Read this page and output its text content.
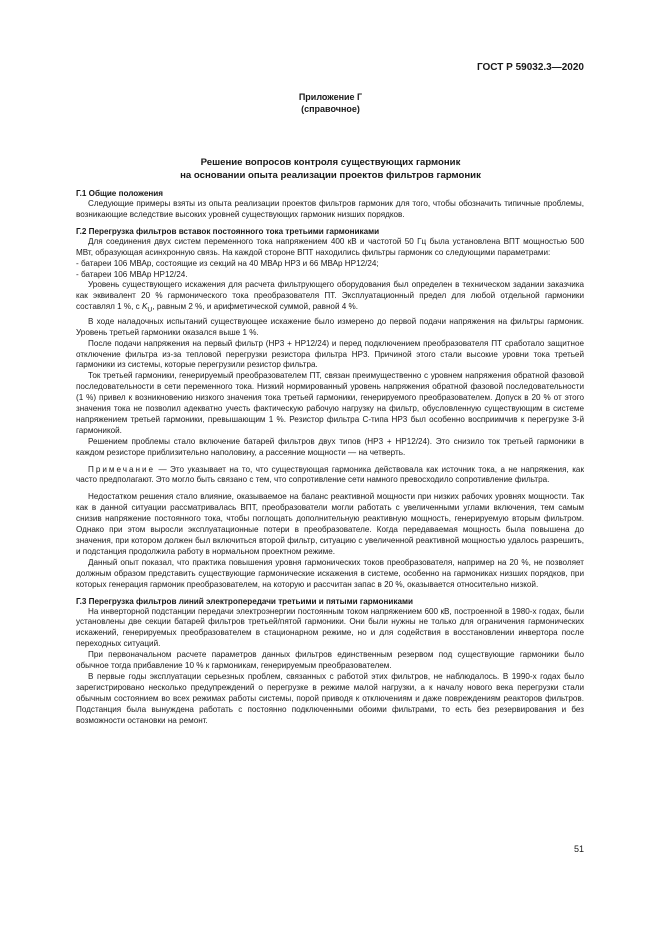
ГОСТ Р 59032.3—2020
Приложение Г
(справочное)
Решение вопросов контроля существующих гармоник
на основании опыта реализации проектов фильтров гармоник
Г.1 Общие положения

Следующие примеры взяты из опыта реализации проектов фильтров гармоник для того, чтобы обозначить типичные проблемы, возникающие вследствие высоких уровней существующих гармоник низших порядков.

Г.2 Перегрузка фильтров вставок постоянного тока третьими гармониками

Для соединения двух систем переменного тока напряжением 400 кВ и частотой 50 Гц была установлена ВПТ мощностью 500 МВт, образующая асинхронную связь. На каждой стороне ВПТ находились фильтры гармоник со следующими параметрами:

- батареи 106 МВАр, состоящие из секций на 40 МВАр НР3 и 66 МВАр НР12/24;

- батареи 106 МВАр НР12/24.

Уровень существующего искажения для расчета фильтрующего оборудования был определен в техническом задании заказчика как эквивалент 20 % гармонического тока преобразователя ПТ. Эксплуатационный предел для любой отдельной гармоники составлял 1 %, с $K_U$, равным 2 %, и арифметической суммой, равной 4 %.

В ходе наладочных испытаний существующее искажение было измерено до первой подачи напряжения на фильтры гармоник. Уровень третьей гармоники оказался выше 1 %.

После подачи напряжения на первый фильтр (НР3 + НР12/24) и перед подключением преобразователя ПТ сработало защитное отключение фильтра из-за тепловой перегрузки резистора фильтра НР3. Причиной этого стали высокие уровни тока третьей гармоники из системы, которые перегрузили резистор фильтра.

Ток третьей гармоники, генерируемый преобразователем ПТ, связан преимущественно с уровнем напряжения обратной фазовой последовательности в сети переменного тока. Низкий нормированный уровень напряжения обратной фазовой последовательности (1 %) привел к возникновению низкого значения тока третьей гармоники, генерируемого преобразователем. Допуск в 20 % от этого значения тока не позволил адекватно учесть фактическую рабочую нагрузку на фильтр, обусловленную существующим в системе напряжением третьей гармоники, превышающим 1 %. Резистор фильтра С-типа НР3 был особенно восприимчив к перегрузке 3-й гармоникой.

Решением проблемы стало включение батарей фильтров двух типов (НР3 + НР12/24). Это снизило ток третьей гармоники в каждом резисторе приблизительно наполовину, а рассеяние мощности — на четверть.

Примечание — Это указывает на то, что существующая гармоника действовала как источник тока, а не напряжения, как часто предполагают. Это могло быть связано с тем, что сопротивление сети намного превосходило сопротивление фильтра.

Недостатком решения стало влияние, оказываемое на баланс реактивной мощности при низких рабочих уровнях мощности. Так как в данной ситуации рассматривалась ВПТ, преобразователи могли работать с увеличенными углами включения, тем самым снизив напряжение постоянного тока, чтобы поглощать дополнительную реактивную мощность, генерируемую вторым фильтром. Однако при этом выросли эксплуатационные потери в преобразователе. Когда передаваемая мощность была повышена до значения, при котором должен был включиться второй фильтр, ситуацию с увеличенной реактивной мощностью удалось разрешить, и подстанция продолжила работу в нормальном проектном режиме.

Данный опыт показал, что практика повышения уровня гармонических токов преобразователя, например на 20 %, не позволяет должным образом представить существующие гармонические искажения в системе, особенно на гармониках низших порядков, при которых генерация гармоник преобразователем, на которую и рассчитан запас в 20 %, оказывается относительно низкой.

Г.3 Перегрузка фильтров линий электропередачи третьими и пятыми гармониками

На инверторной подстанции передачи электроэнергии постоянным током напряжением 600 кВ, построенной в 1980-х годах, были установлены две секции батарей фильтров третьей/пятой гармоники. Они были нужны не только для ограничения гармонических искажений, генерируемых преобразователем в стационарном режиме, но и для содействия в восстановлении инвертора после переходных ситуаций.

При первоначальном расчете параметров данных фильтров единственным резервом под существующие гармоники было обычное тогда прибавление 10 % к гармоникам, генерируемым преобразователем.

В первые годы эксплуатации серьезных проблем, связанных с работой этих фильтров, не наблюдалось. В 1990-х годах было зарегистрировано несколько предупреждений о перегрузке в режиме малой нагрузки, а к началу нового века перегрузки стали обычным состоянием во всех режимах работы системы, порой приводя к отключениям и даже повреждениям реакторов фильтров. Подстанция была вынуждена работать с постоянно подключенными обоими фильтрами, то есть без резервирования и без возможности остановки на ремонт.

51
